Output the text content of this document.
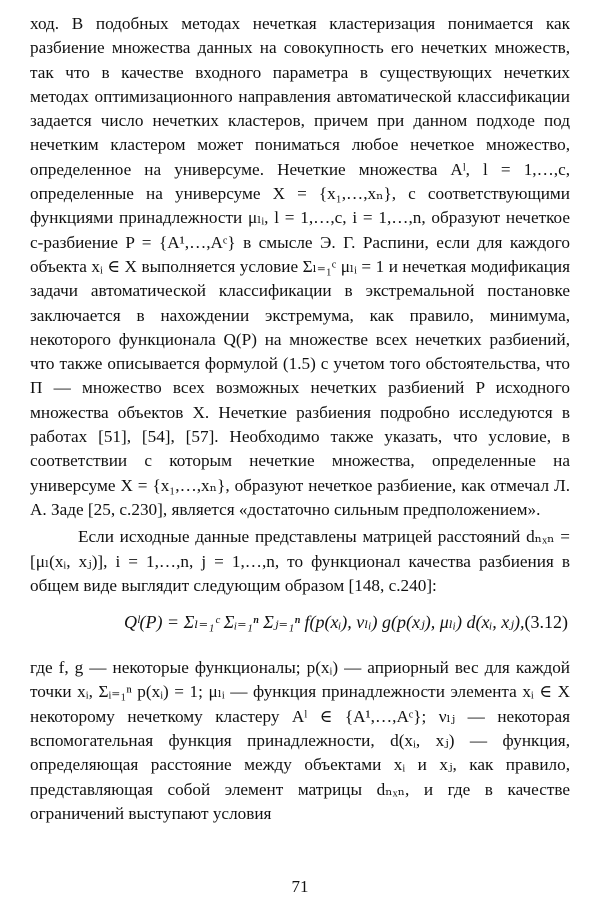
ход. В подобных методах нечеткая кластеризация понимается как разбиение множества данных на совокупность его нечетких множеств, так что в качестве входного параметра в существующих нечетких методах оптимизационного направления автоматической классификации задается число нечетких кластеров, причем при данном подходе под нечетким кластером может пониматься любое нечеткое множество, определенное на универсуме. Нечеткие множества Aˡ, l = 1,…,c, определенные на универсуме X = {x₁,…,xₙ}, с соответствующими функциями принадлежности μₗᵢ, l = 1,…,c, i = 1,…,n, образуют нечеткое c-разбиение P = {A¹,…,Aᶜ} в смысле Э. Г. Распини, если для каждого объекта xᵢ ∈ X выполняется условие Σₗ₌₁ᶜ μₗᵢ = 1 и нечеткая модификация задачи автоматической классификации в экстремальной постановке заключается в нахождении экстремума, как правило, минимума, некоторого функционала Q(P) на множестве всех нечетких разбиений, что также описывается формулой (1.5) с учетом того обстоятельства, что Π — множество всех возможных нечетких разбиений P исходного множества объектов X. Нечеткие разбиения подробно исследуются в работах [51], [54], [57]. Необходимо также указать, что условие, в соответствии с которым нечеткие множества, определенные на универсуме X = {x₁,…,xₙ}, образуют нечеткое разбиение, как отмечал Л. А. Заде [25, с.230], является «достаточно сильным предположением».

Если исходные данные представлены матрицей расстояний dₙₓₙ = [μₗ(xᵢ, xⱼ)], i = 1,…,n, j = 1,…,n, то функционал качества разбиения в общем виде выглядит следующим образом [148, с.240]:

Qˡ(P) = Σₗ₌₁ᶜ Σᵢ₌₁ⁿ Σⱼ₌₁ⁿ f(p(xᵢ), νₗᵢ) g(p(xⱼ), μₗᵢ) d(xᵢ, xⱼ), (3.12)

где f, g — некоторые функционалы; p(xᵢ) — априорный вес для каждой точки xᵢ, Σᵢ₌₁ⁿ p(xᵢ) = 1; μₗᵢ — функция принадлежности элемента xᵢ ∈ X некоторому нечеткому кластеру Aˡ ∈ {A¹,…,Aᶜ}; νₗⱼ — некоторая вспомогательная функция принадлежности, d(xᵢ, xⱼ) — функция, определяющая расстояние между объектами xᵢ и xⱼ, как правило, представляющая собой элемент матрицы dₙₓₙ, и где в качестве ограничений выступают условия

71
